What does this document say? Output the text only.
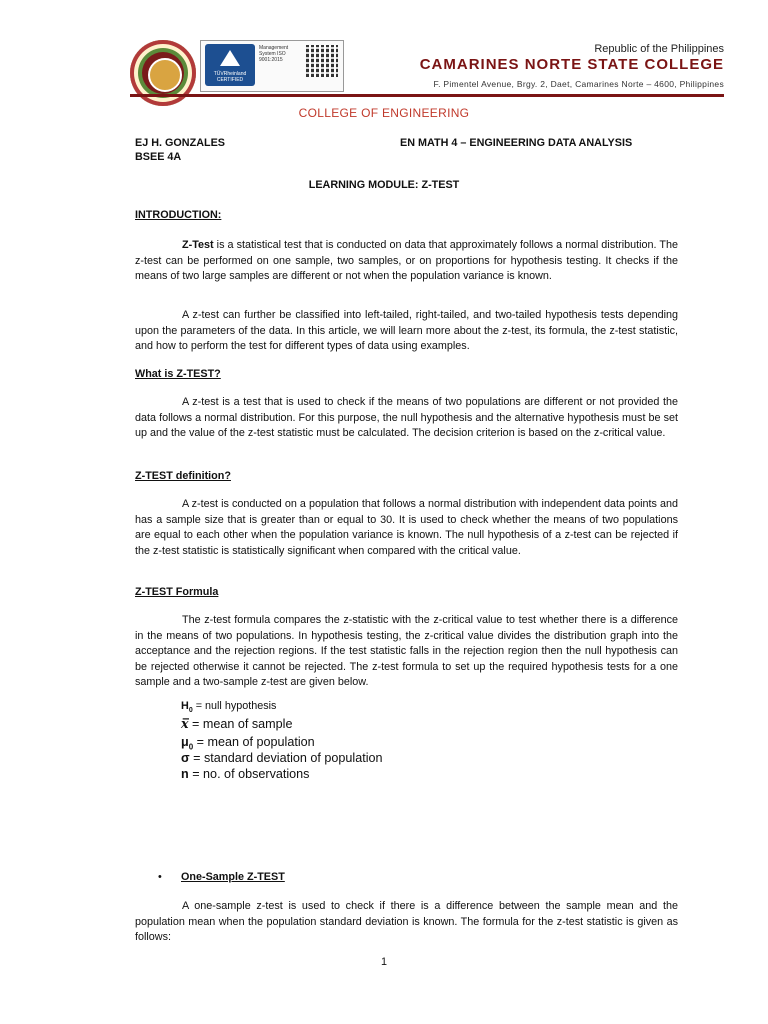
TÜVRheinland CERTIFIED
Management System ISO 9001:2015
Republic of the Philippines
CAMARINES NORTE STATE COLLEGE
F. Pimentel Avenue, Brgy. 2, Daet, Camarines Norte – 4600, Philippines
COLLEGE OF ENGINEERING
EJ H. GONZALES
BSEE 4A
EN MATH 4 – ENGINEERING DATA ANALYSIS
LEARNING MODULE: Z-TEST
INTRODUCTION:
Z-Test is a statistical test that is conducted on data that approximately follows a normal distribution. The z-test can be performed on one sample, two samples, or on proportions for hypothesis testing. It checks if the means of two large samples are different or not when the population variance is known.
A z-test can further be classified into left-tailed, right-tailed, and two-tailed hypothesis tests depending upon the parameters of the data. In this article, we will learn more about the z-test, its formula, the z-test statistic, and how to perform the test for different types of data using examples.
What is Z-TEST?
A z-test is a test that is used to check if the means of two populations are different or not provided the data follows a normal distribution. For this purpose, the null hypothesis and the alternative hypothesis must be set up and the value of the z-test statistic must be calculated. The decision criterion is based on the z-critical value.
Z-TEST definition?
A z-test is conducted on a population that follows a normal distribution with independent data points and has a sample size that is greater than or equal to 30. It is used to check whether the means of two populations are equal to each other when the population variance is known. The null hypothesis of a z-test can be rejected if the z-test statistic is statistically significant when compared with the critical value.
Z-TEST Formula
The z-test formula compares the z-statistic with the z-critical value to test whether there is a difference in the means of two populations. In hypothesis testing, the z-critical value divides the distribution graph into the acceptance and the rejection regions. If the test statistic falls in the rejection region then the null hypothesis can be rejected otherwise it cannot be rejected. The z-test formula to set up the required hypothesis tests for a one sample and a two-sample z-test are given below.
$H_0$ = null hypothesis
x̅ = mean of sample
$\mu_0$ = mean of population
σ = standard deviation of population
n = no. of observations
• One-Sample Z-TEST
A one-sample z-test is used to check if there is a difference between the sample mean and the population mean when the population standard deviation is known. The formula for the z-test statistic is given as follows:
1
